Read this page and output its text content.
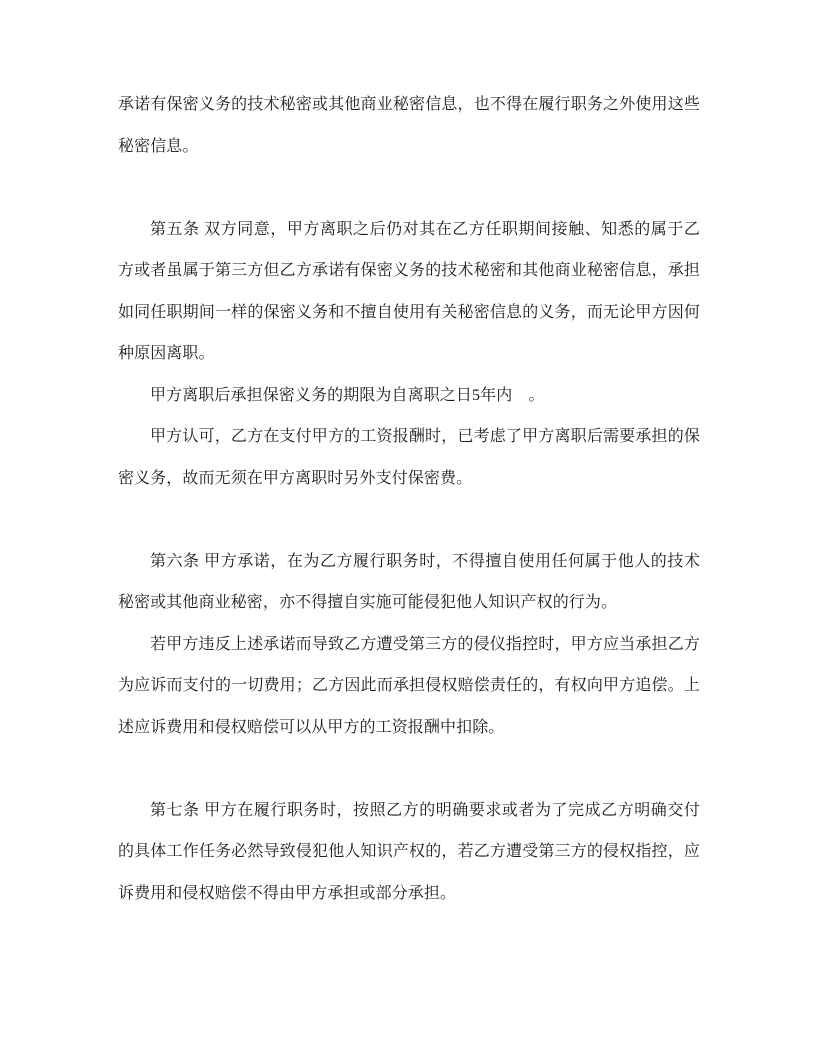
承诺有保密义务的技术秘密或其他商业秘密信息，也不得在履行职务之外使用这些秘密信息。

第五条 双方同意，甲方离职之后仍对其在乙方任职期间接触、知悉的属于乙方或者虽属于第三方但乙方承诺有保密义务的技术秘密和其他商业秘密信息，承担如同任职期间一样的保密义务和不擅自使用有关秘密信息的义务，而无论甲方因何种原因离职。

甲方离职后承担保密义务的期限为自离职之日5年内　。

甲方认可，乙方在支付甲方的工资报酬时，已考虑了甲方离职后需要承担的保密义务，故而无须在甲方离职时另外支付保密费。

第六条 甲方承诺，在为乙方履行职务时，不得擅自使用任何属于他人的技术秘密或其他商业秘密，亦不得擅自实施可能侵犯他人知识产权的行为。

若甲方违反上述承诺而导致乙方遭受第三方的侵仪指控时，甲方应当承担乙方为应诉而支付的一切费用；乙方因此而承担侵权赔偿责任的，有权向甲方追偿。上述应诉费用和侵权赔偿可以从甲方的工资报酬中扣除。

第七条 甲方在履行职务时，按照乙方的明确要求或者为了完成乙方明确交付的具体工作任务必然导致侵犯他人知识产权的，若乙方遭受第三方的侵权指控，应诉费用和侵权赔偿不得由甲方承担或部分承担。
